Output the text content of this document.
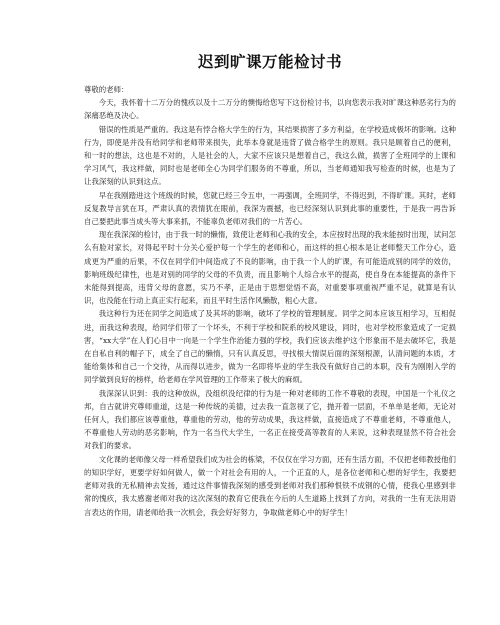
迟到旷课万能检讨书

尊敬的老师：

今天，我怀着十二万分的愧疚以及十二万分的懊悔给您写下这份检讨书，以向您表示我对旷课这种恶劣行为的深痛恶绝及决心。

错误的性质是严重的。我这是有悖合格大学生的行为，其结果损害了多方利益，在学校造成极坏的影响。这种行为，即使是并没有给同学和老师带来损失，此举本身就是违背了做合格学生的原则。我只是顾着自己的便利，和一时的想法，这也是不对的，人是社会的人，大家不应该只是想着自己，我这么做，损害了全班同学的上课和学习风气，我这样做，同时也是老师全心为同学们服务的不尊重，所以，当老师通知我写检查的时候，也是为了让我深刻的认识到这点。

早在我刚踏进这个班级的时候，您就已经三令五申，一再强调，全班同学，不得迟到，不得旷课。其时，老师反复教导言犹在耳，严肃认真的表情犹在眼前，我深为震撼，也已经深刻认识到此事的重要性，于是我一再告诉自己要把此事当成头等大事来抓，不能辜负老师对我们的一片苦心。

现在我深深的检讨，由于我一时的懒惰，致使让老师和心我的安全，本应按时出现的我未能按时出现，试问怎么有脸对家长，对得起平时十分关心爱护每一个学生的老师和心，而这样的担心根本是让老师整天工作分心，造成更为严重的后果，不仅在同学们中间造成了不良的影响，由于我一个人的旷课，有可能造成别的同学的效仿，影响班级纪律性，也是对别的同学的父母的不负责，而且影响个人综合水平的提高，使自身在本能提高的条件下未能得到提高，违背父母的意愿，实乃不孝，正是由于思想觉悟不高，对重要事项重视严重不足，就算是有认识，也没能在行动上真正实行起来，而且平时生活作风懒散，粗心大意。

我这种行为还在同学之间造成了及其坏的影响，破坏了学校的管理制度。同学之间本应该互相学习，互相促进，而我这种表现，给同学们带了一个坏头，不利于学校和院系的校风建设，同时，也对学校形象造成了一定损害，“xx大学”在人们心目中一向是一个学生作治能力强的学校，我们应该去维护这个形象而不是去破坏它，我是在自私自利的帽子下，成全了自己的懒惰，只有认真反思，寻找根大情误后面的深刻根源，认清问题的本质，才能给集体和自己一个交待，从而得以进步，做为一名即将毕业的学生我没有做好自己的本职，没有为刚刚入学的同学做到良好的榜样，给老师在学风管理的工作带来了极大的麻烦。

我深深认识到：我的这种放纵，没组织没纪律的行为是一种对老师的工作不尊敬的表现，中国是一个礼仪之邦，自古就讲究尊师重道，这是一种传统的美德，过去我一直忽视了它，抛开着一层面，不单单是老师，无论对任何人，我们都应该尊重他，尊重他的劳动，他的劳动成果，我这样做，直接造成了不尊重老师，不尊重他人，不尊重他人劳动的恶劣影响，作为一名当代大学生，一名正在接受高等教育的人来说，这种表现显然不符合社会对我们的要求。

文化课的老师像父母一样希望我们成为社会的栋梁，不仅仅在学习方面，还有生活方面，不仅把老师教授他们的知识学好，更要学好如何做人，做一个对社会有用的人，一个正直的人，是各位老师和心想的好学生，我要把老师对我的无私精神去发扬，通过这件事情我深刻的感受到老师对我们那种恨铁不成钢的心情，使我心里感到非常的愧疚，我太感谢老师对我的这次深刻的教育它使我在今后的人生道路上找到了方向，对我的一生有无法用语言表达的作用，请老师给我一次机会，我会好好努力，争取做老师心中的好学生！
